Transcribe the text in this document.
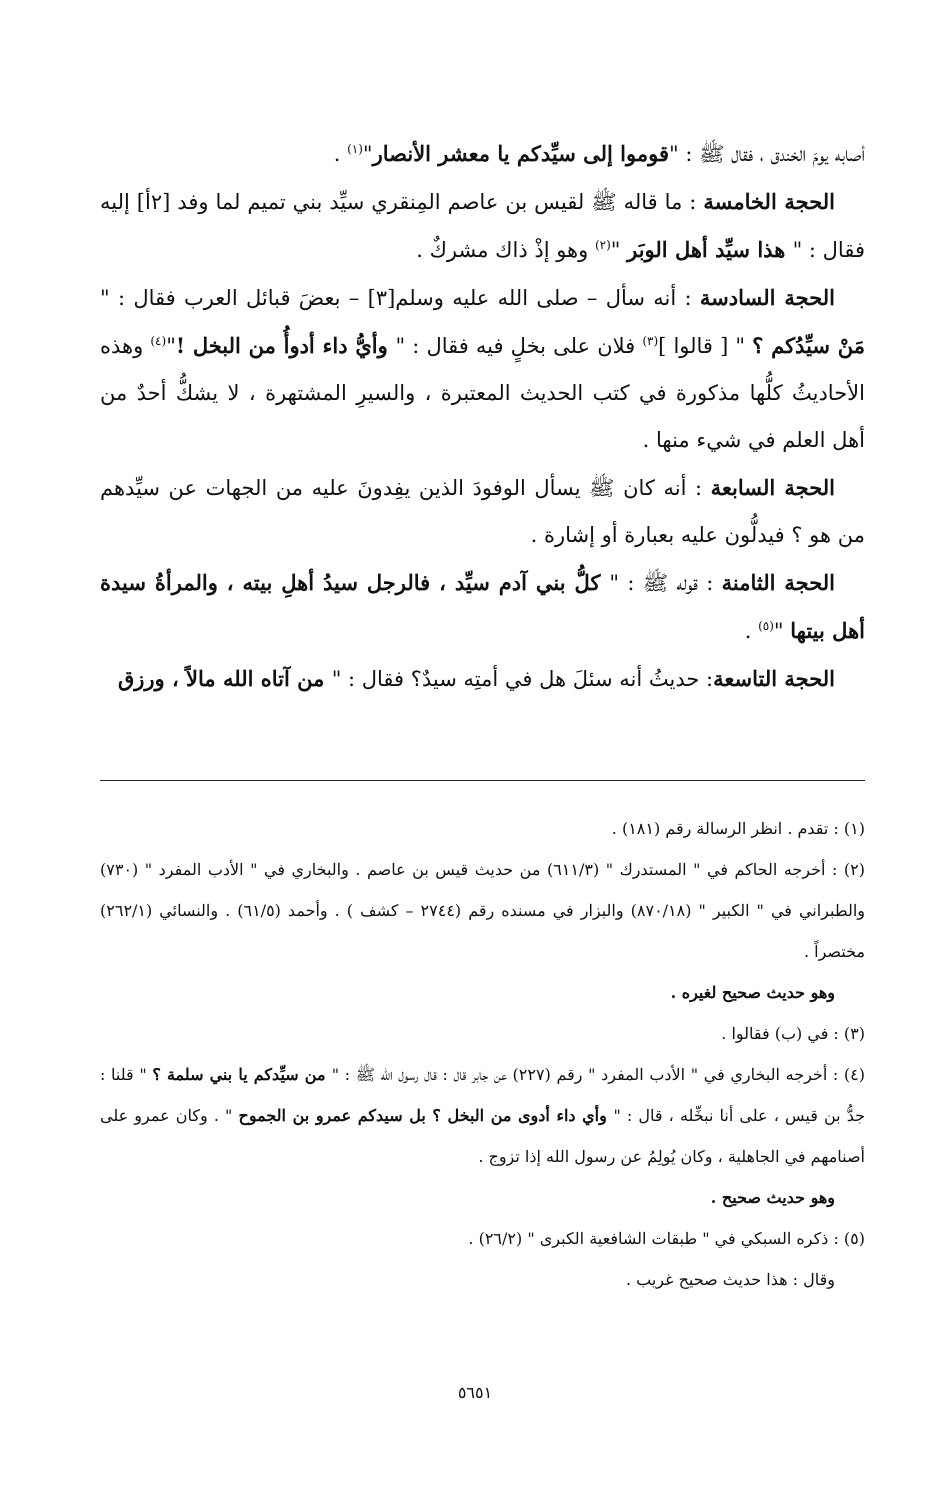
أصابه يومَ الخندق ، فقال ﷺ : "قوموا إلى سيِّدكم يا معشر الأنصار"$^{(١)}$ .

الحجة الخامسة : ما قاله ﷺ لقيس بن عاصم المِنقري سيِّد بني تميم لما وفد [٢أ] إليه فقال : " هذا سيِّد أهل الوبَر "$^{(٢)}$ وهو إذْ ذاك مشركٌ .

الحجة السادسة : أنه سأل – صلى الله عليه وسلم[٣] – بعضَ قبائل العرب فقال : " مَنْ سيِّدُكم ؟ " [ قالوا ]$^{(٣)}$ فلان على بخلٍ فيه فقال : " وأيُّ داء أدوأُ من البخل !"$^{(٤)}$ وهذه الأحاديثُ كلُّها مذكورة في كتب الحديث المعتبرة ، والسيرِ المشتهرة ، لا يشكُّ أحدٌ من أهل العلم في شيء منها .

الحجة السابعة : أنه كان ﷺ يسأل الوفودَ الذين يفِدونَ عليه من الجهات عن سيِّدهم من هو ؟ فيدلُّون عليه بعبارة أو إشارة .

الحجة الثامنة : قوله ﷺ : " كلُّ بني آدم سيِّد ، فالرجل سيدُ أهلِ بيته ، والمرأةُ سيدة أهل بيتها "$^{(٥)}$ .

الحجة التاسعة: حديثُ أنه سئلَ هل في أمتِه سيدٌ؟ فقال : " من آتاه الله مالاً ، ورزق

(١) : تقدم . انظر الرسالة رقم (١٨١) .

(٢) : أخرجه الحاكم في " المستدرك " (٦١١/٣) من حديث قيس بن عاصم . والبخاري في " الأدب المفرد " (٧٣٠) والطبراني في " الكبير " (٨٧٠/١٨) والبزار في مسنده رقم (٢٧٤٤ – كشف ) . وأحمد (٦١/٥) . والنسائي (٢٦٢/١) مختصراً .

وهو حديث صحيح لغيره .

(٣) : في (ب) فقالوا .

(٤) : أخرجه البخاري في " الأدب المفرد " رقم (٢٢٧) عن جابر قال : قال رسول الله ﷺ : " من سيِّدكم يا بني سلمة ؟ " قلنا : جدُّ بن قيس ، على أنا نبخِّله ، قال : " وأي داء أدوى من البخل ؟ بل سيدكم عمرو بن الجموح " . وكان عمرو على أصنامهم في الجاهلية ، وكان يُولِمُ عن رسول الله إذا تزوج .

وهو حديث صحيح .

(٥) : ذكره السبكي في " طبقات الشافعية الكبرى " (٢٦/٢) .

وقال : هذا حديث صحيح غريب .

٥٦٥١
